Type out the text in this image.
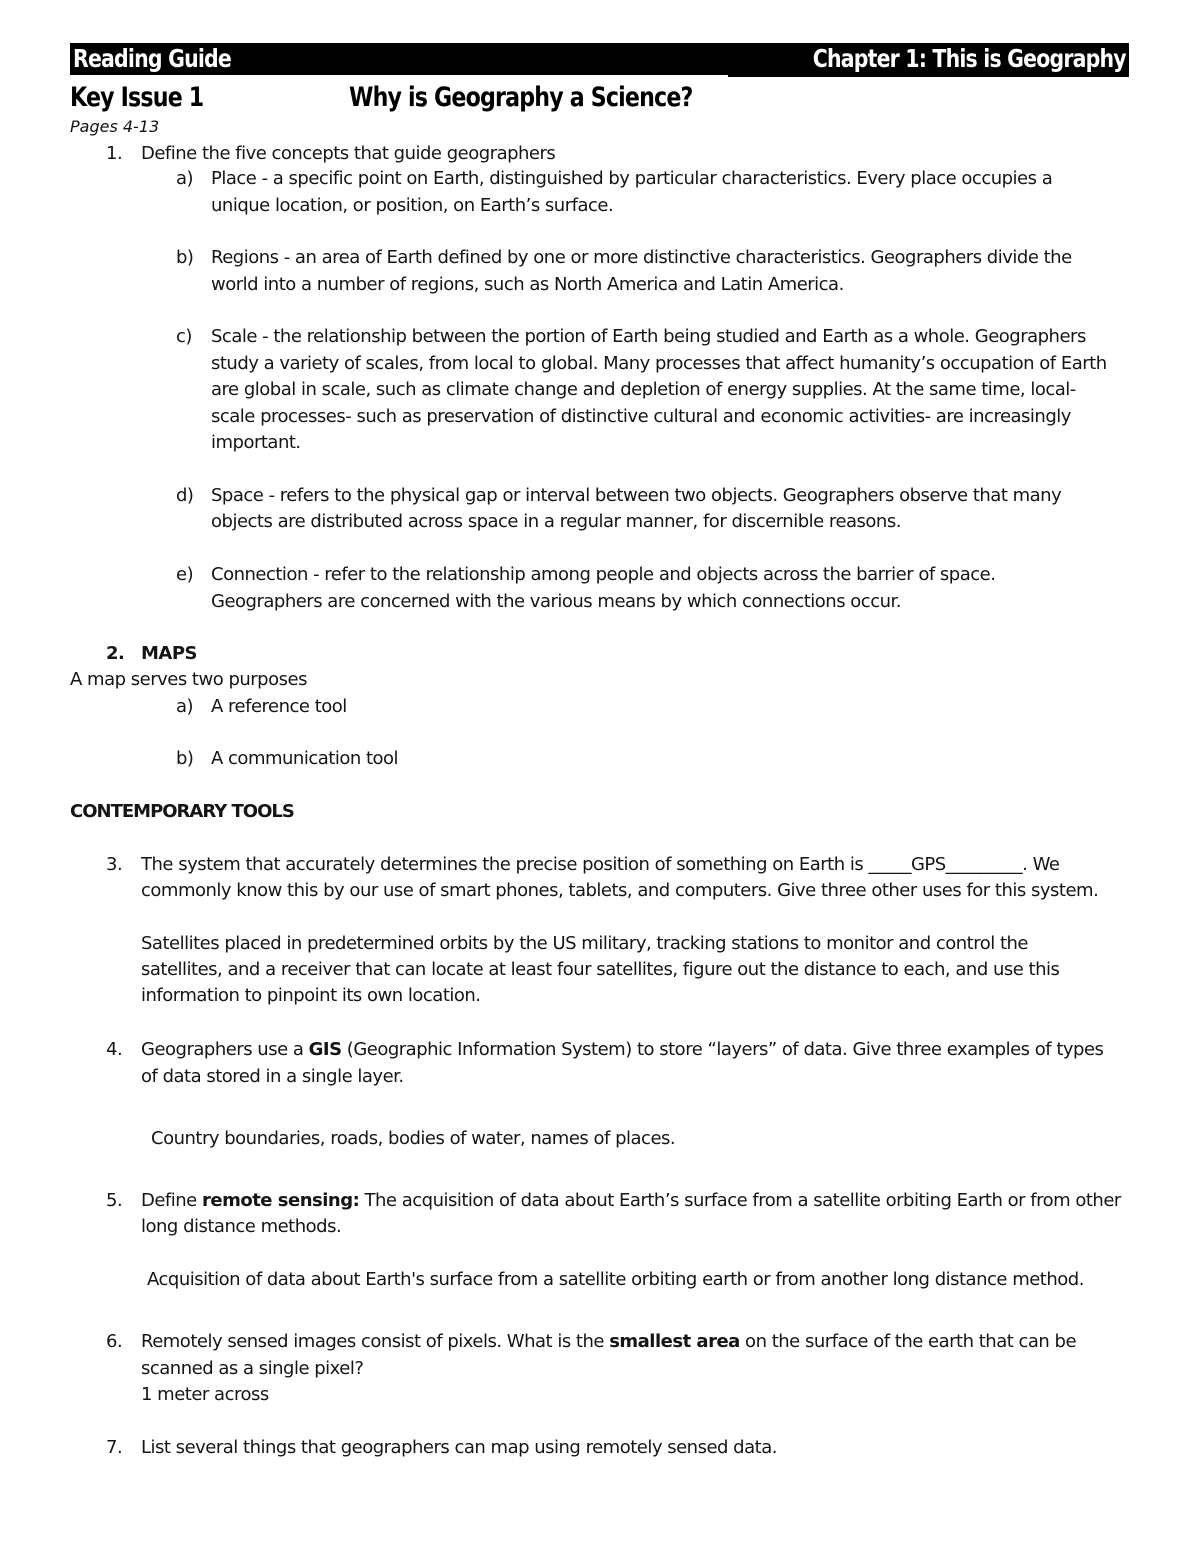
Reading Guide	Chapter 1: This is Geography
Key Issue 1	Why is Geography a Science?
Pages 4-13
1. Define the five concepts that guide geographers
a) Place - a specific point on Earth, distinguished by particular characteristics. Every place occupies a
unique location, or position, on Earth’s surface.
b) Regions - an area of Earth defined by one or more distinctive characteristics. Geographers divide the
world into a number of regions, such as North America and Latin America.
c) Scale - the relationship between the portion of Earth being studied and Earth as a whole. Geographers
study a variety of scales, from local to global. Many processes that affect humanity’s occupation of Earth
are global in scale, such as climate change and depletion of energy supplies. At the same time, local-
scale processes- such as preservation of distinctive cultural and economic activities- are increasingly
important.
d) Space - refers to the physical gap or interval between two objects. Geographers observe that many
objects are distributed across space in a regular manner, for discernible reasons.
e) Connection - refer to the relationship among people and objects across the barrier of space.
Geographers are concerned with the various means by which connections occur.
2. MAPS
A map serves two purposes
a) A reference tool
b) A communication tool
CONTEMPORARY TOOLS
3. The system that accurately determines the precise position of something on Earth is _____GPS_________. We
commonly know this by our use of smart phones, tablets, and computers. Give three other uses for this system.
Satellites placed in predetermined orbits by the US military, tracking stations to monitor and control the
satellites, and a receiver that can locate at least four satellites, figure out the distance to each, and use this
information to pinpoint its own location.
4. Geographers use a GIS (Geographic Information System) to store “layers” of data. Give three examples of types
of data stored in a single layer.
Country boundaries, roads, bodies of water, names of places.
5. Define remote sensing: The acquisition of data about Earth’s surface from a satellite orbiting Earth or from other
long distance methods.
Acquisition of data about Earth's surface from a satellite orbiting earth or from another long distance method.
6. Remotely sensed images consist of pixels. What is the smallest area on the surface of the earth that can be
scanned as a single pixel?
1 meter across
7. List several things that geographers can map using remotely sensed data.
